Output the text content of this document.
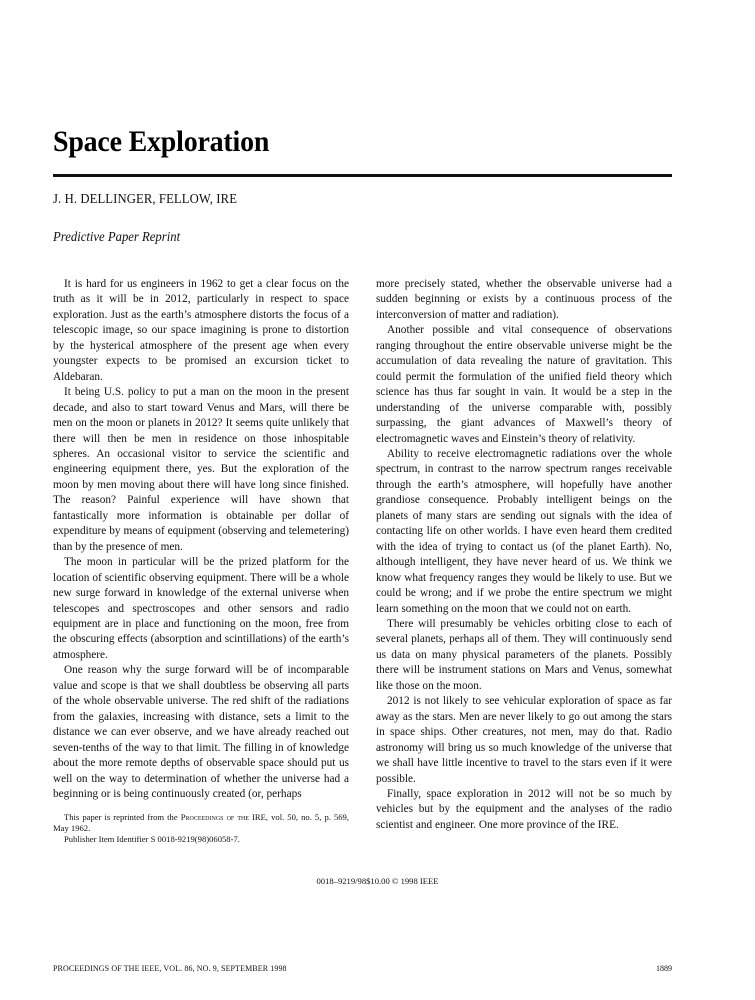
Space Exploration
J. H. DELLINGER, FELLOW, IRE
Predictive Paper Reprint

It is hard for us engineers in 1962 to get a clear focus on the truth as it will be in 2012, particularly in respect to space exploration. Just as the earth’s atmosphere distorts the focus of a telescopic image, so our space imagining is prone to distortion by the hysterical atmosphere of the present age when every youngster expects to be promised an excursion ticket to Aldebaran.

It being U.S. policy to put a man on the moon in the present decade, and also to start toward Venus and Mars, will there be men on the moon or planets in 2012? It seems quite unlikely that there will then be men in residence on those inhospitable spheres. An occasional visitor to service the scientific and engineering equipment there, yes. But the exploration of the moon by men moving about there will have long since finished. The reason? Painful experience will have shown that fantastically more information is obtainable per dollar of expenditure by means of equipment (observing and telemetering) than by the presence of men.

The moon in particular will be the prized platform for the location of scientific observing equipment. There will be a whole new surge forward in knowledge of the external universe when telescopes and spectroscopes and other sensors and radio equipment are in place and functioning on the moon, free from the obscuring effects (absorption and scintillations) of the earth’s atmosphere.

One reason why the surge forward will be of incomparable value and scope is that we shall doubtless be observing all parts of the whole observable universe. The red shift of the radiations from the galaxies, increasing with distance, sets a limit to the distance we can ever observe, and we have already reached out seven-tenths of the way to that limit. The filling in of knowledge about the more remote depths of observable space should put us well on the way to determination of whether the universe had a beginning or is being continuously created (or, perhaps

This paper is reprinted from the Proceedings of the IRE, vol. 50, no. 5, p. 569, May 1962.

Publisher Item Identifier S 0018-9219(98)06058-7.

more precisely stated, whether the observable universe had a sudden beginning or exists by a continuous process of the interconversion of matter and radiation).

Another possible and vital consequence of observations ranging throughout the entire observable universe might be the accumulation of data revealing the nature of gravitation. This could permit the formulation of the unified field theory which science has thus far sought in vain. It would be a step in the understanding of the universe comparable with, possibly surpassing, the giant advances of Maxwell’s theory of electromagnetic waves and Einstein’s theory of relativity.

Ability to receive electromagnetic radiations over the whole spectrum, in contrast to the narrow spectrum ranges receivable through the earth’s atmosphere, will hopefully have another grandiose consequence. Probably intelligent beings on the planets of many stars are sending out signals with the idea of contacting life on other worlds. I have even heard them credited with the idea of trying to contact us (of the planet Earth). No, although intelligent, they have never heard of us. We think we know what frequency ranges they would be likely to use. But we could be wrong; and if we probe the entire spectrum we might learn something on the moon that we could not on earth.

There will presumably be vehicles orbiting close to each of several planets, perhaps all of them. They will continuously send us data on many physical parameters of the planets. Possibly there will be instrument stations on Mars and Venus, somewhat like those on the moon.

2012 is not likely to see vehicular exploration of space as far away as the stars. Men are never likely to go out among the stars in space ships. Other creatures, not men, may do that. Radio astronomy will bring us so much knowledge of the universe that we shall have little incentive to travel to the stars even if it were possible.

Finally, space exploration in 2012 will not be so much by vehicles but by the equipment and the analyses of the radio scientist and engineer. One more province of the IRE.

0018–9219/98$10.00 © 1998 IEEE
PROCEEDINGS OF THE IEEE, VOL. 86, NO. 9, SEPTEMBER 1998	1889
